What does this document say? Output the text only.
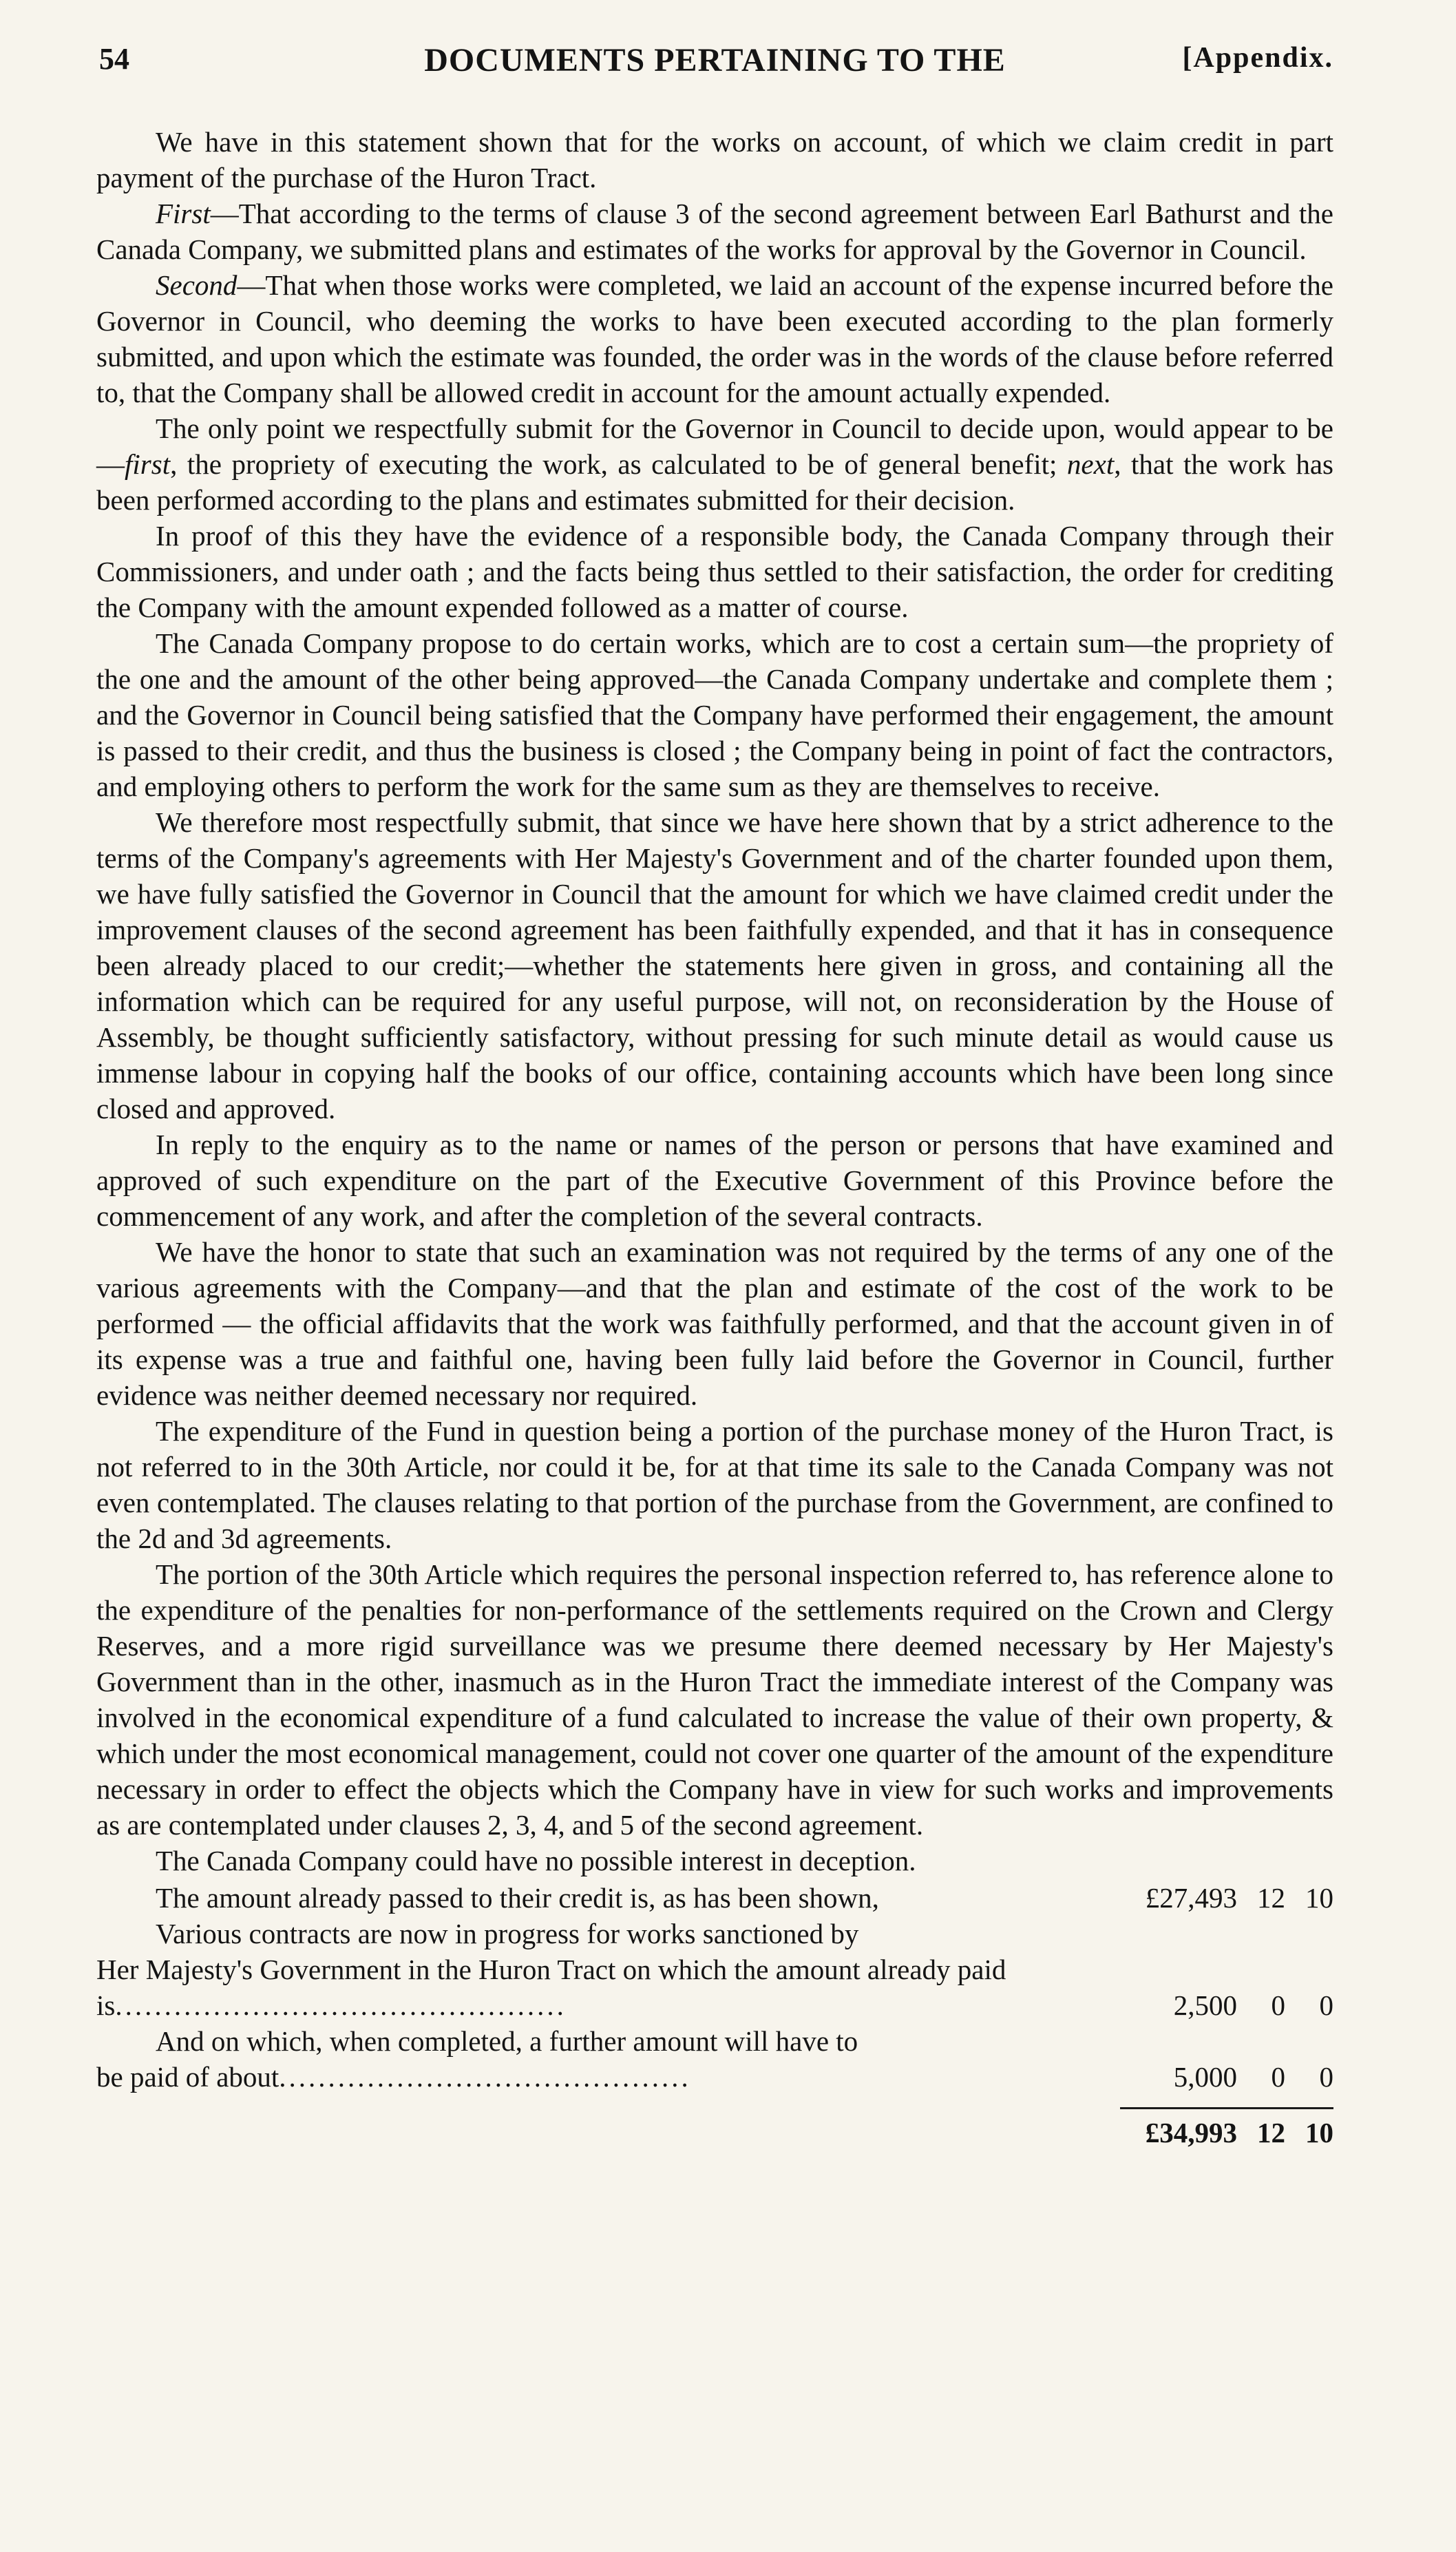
54	DOCUMENTS PERTAINING TO THE	[Appendix.

We have in this statement shown that for the works on account, of which we claim credit in part payment of the purchase of the Huron Tract.

First—That according to the terms of clause 3 of the second agreement between Earl Bathurst and the Canada Company, we submitted plans and estimates of the works for approval by the Governor in Council.

Second—That when those works were completed, we laid an account of the expense incurred before the Governor in Council, who deeming the works to have been executed according to the plan formerly submitted, and upon which the estimate was founded, the order was in the words of the clause before referred to, that the Company shall be allowed credit in account for the amount actually expended.

The only point we respectfully submit for the Governor in Council to decide upon, would appear to be—first, the propriety of executing the work, as calculated to be of general benefit; next, that the work has been performed according to the plans and estimates submitted for their decision.

In proof of this they have the evidence of a responsible body, the Canada Company through their Commissioners, and under oath ; and the facts being thus settled to their satisfaction, the order for crediting the Company with the amount expended followed as a matter of course.

The Canada Company propose to do certain works, which are to cost a certain sum—the propriety of the one and the amount of the other being approved—the Canada Company undertake and complete them ; and the Governor in Council being satisfied that the Company have performed their engagement, the amount is passed to their credit, and thus the business is closed ; the Company being in point of fact the contractors, and employing others to perform the work for the same sum as they are themselves to receive.

We therefore most respectfully submit, that since we have here shown that by a strict adherence to the terms of the Company's agreements with Her Majesty's Government and of the charter founded upon them, we have fully satisfied the Governor in Council that the amount for which we have claimed credit under the improvement clauses of the second agreement has been faithfully expended, and that it has in consequence been already placed to our credit;—whether the statements here given in gross, and containing all the information which can be required for any useful purpose, will not, on reconsideration by the House of Assembly, be thought sufficiently satisfactory, without pressing for such minute detail as would cause us immense labour in copying half the books of our office, containing accounts which have been long since closed and approved.

In reply to the enquiry as to the name or names of the person or persons that have examined and approved of such expenditure on the part of the Executive Government of this Province before the commencement of any work, and after the completion of the several contracts.

We have the honor to state that such an examination was not required by the terms of any one of the various agreements with the Company—and that the plan and estimate of the cost of the work to be performed — the official affidavits that the work was faithfully performed, and that the account given in of its expense was a true and faithful one, having been fully laid before the Governor in Council, further evidence was neither deemed necessary nor required.

The expenditure of the Fund in question being a portion of the purchase money of the Huron Tract, is not referred to in the 30th Article, nor could it be, for at that time its sale to the Canada Company was not even contemplated. The clauses relating to that portion of the purchase from the Government, are confined to the 2d and 3d agreements.

The portion of the 30th Article which requires the personal inspection referred to, has reference alone to the expenditure of the penalties for non-performance of the settlements required on the Crown and Clergy Reserves, and a more rigid surveillance was we presume there deemed necessary by Her Majesty's Government than in the other, inasmuch as in the Huron Tract the immediate interest of the Company was involved in the economical expenditure of a fund calculated to increase the value of their own property, & which under the most economical management, could not cover one quarter of the amount of the expenditure necessary in order to effect the objects which the Company have in view for such works and improvements as are contemplated under clauses 2, 3, 4, and 5 of the second agreement.

The Canada Company could have no possible interest in deception.

The amount already passed to their credit is, as has been shown,	£27,493 12 10
Various contracts are now in progress for works sanctioned by
Her Majesty's Government in the Huron Tract on which the amount already paid is..............................................	2,500	0	0
And on which, when completed, a further amount will have to
be paid of about..........................................	5,000	0	0
£34,993 12 10
